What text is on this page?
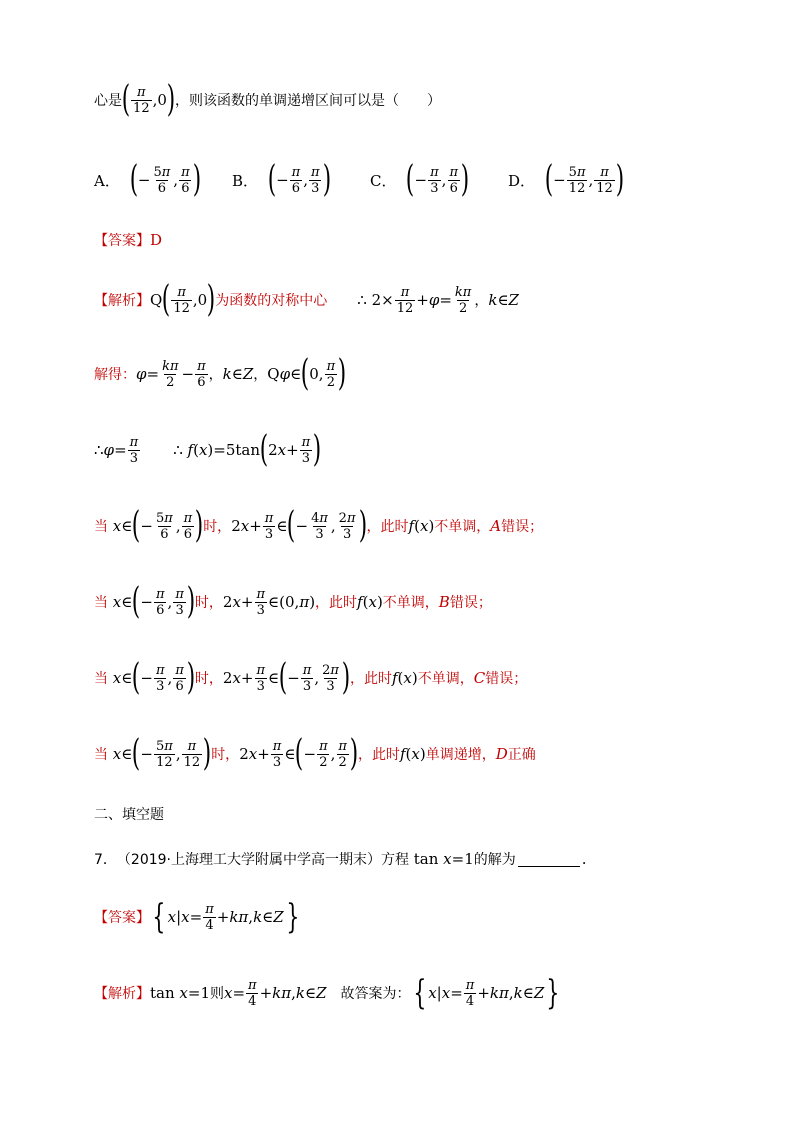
心是 ( π
12 ,0 ) ，则该函数的单调递增区间可以是（　　）
A． ( − $\frac{5\pi}{6}$ , π
6 ) B． ( − $\frac{\pi}{6}$ , π
3 )	C． ( − $\frac{\pi}{3}$ , π
6 )	D． ( − $\frac{5\pi}{12}$ , π
12 )
【答案】 D
【解析】 Q ( π
12 ,0 ) 为函数的对称中心 ∴ $2\times \frac{\pi}{12} +\varphi= \frac{k\pi}{2}$ ， k∈Z
解得： $\varphi= \frac{k\pi}{2} - \frac{\pi}{6}$ ， k∈Z ， Q φ∈ ( 0, π
2 )
∴ $\varphi= \frac{\pi}{3}$ ∴ f(x)=5tan ( $2x+ \frac{\pi}{3}$ )
当 x∈ ( − $\frac{5\pi}{6}$ , π
6 ) 时， $2x+ \frac{\pi}{3}$ ∈ ( − $\frac{4\pi}{3}$ , 2π
3 ) ，此时 f(x) 不单调， A 错误；
当 x∈ ( − $\frac{\pi}{6}$ , π
3 ) 时， $2x+ \frac{\pi}{3}$ ∈(0,π) ，此时 f(x) 不单调， B 错误；
当 x∈ ( − $\frac{\pi}{3}$ , π
6 ) 时， $2x+ \frac{\pi}{3}$ ∈ ( − $\frac{\pi}{3}$ , 2π
3 ) ，此时 f(x) 不单调， C 错误；
当 x∈ ( − $\frac{5\pi}{12}$ , π
12 ) 时， $2x+ \frac{\pi}{3}$ ∈ ( − $\frac{\pi}{2}$ , π
2 ) ，此时 f(x) 单调递增， D 正确
二、填空题
7． （2019·上海理工大学附属中学高一期末） 方程 tan x=1 的解为	.
【答案】 { $x|x= \frac{\pi}{4}$ +kπ,k∈Z }
【解析】 tan x=1 则 $x= \frac{\pi}{4}$ +kπ,k∈Z 故答案为： { $x|x= \frac{\pi}{4}$ +kπ,k∈Z }
